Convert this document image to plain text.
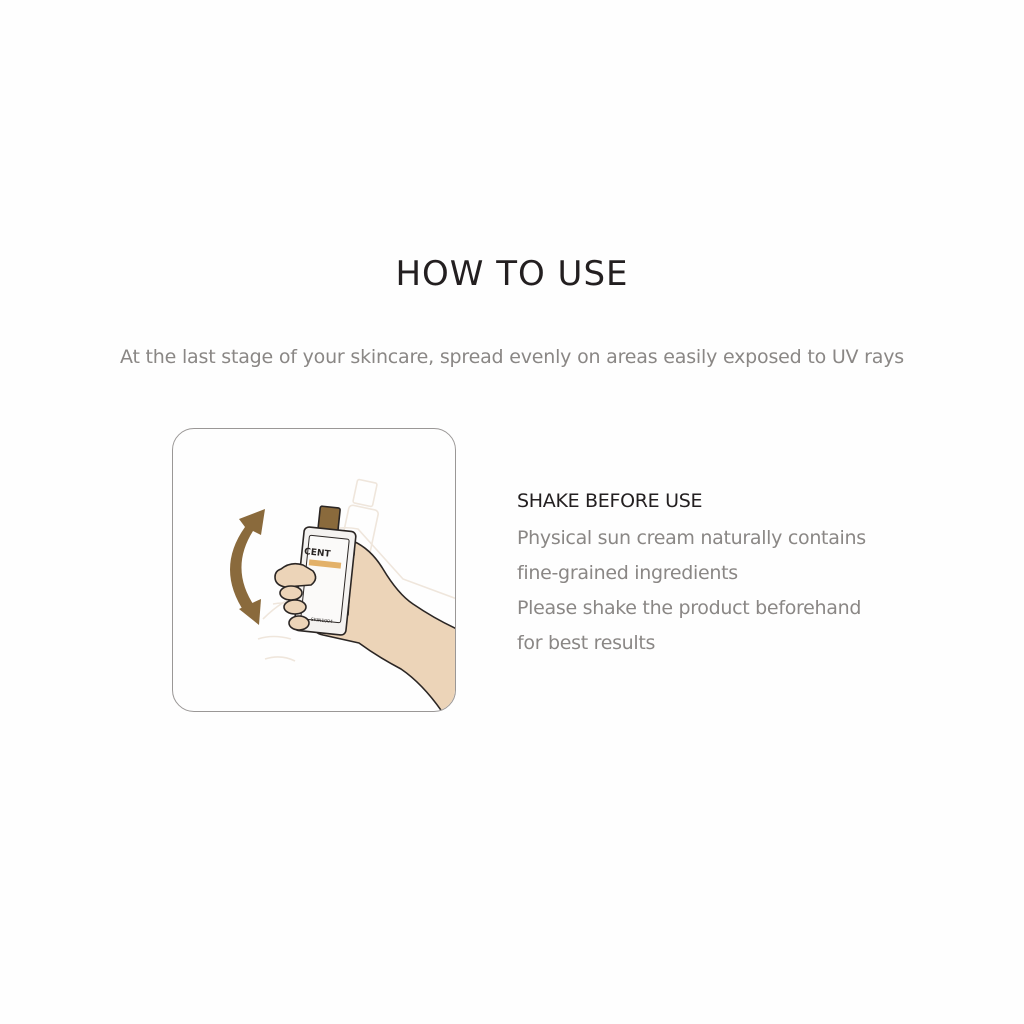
HOW TO USE
At the last stage of your skincare, spread evenly on areas easily exposed to UV rays
CENT
SKIN1004

SHAKE BEFORE USE

Physical sun cream naturally contains

fine-grained ingredients

Please shake the product beforehand

for best results
